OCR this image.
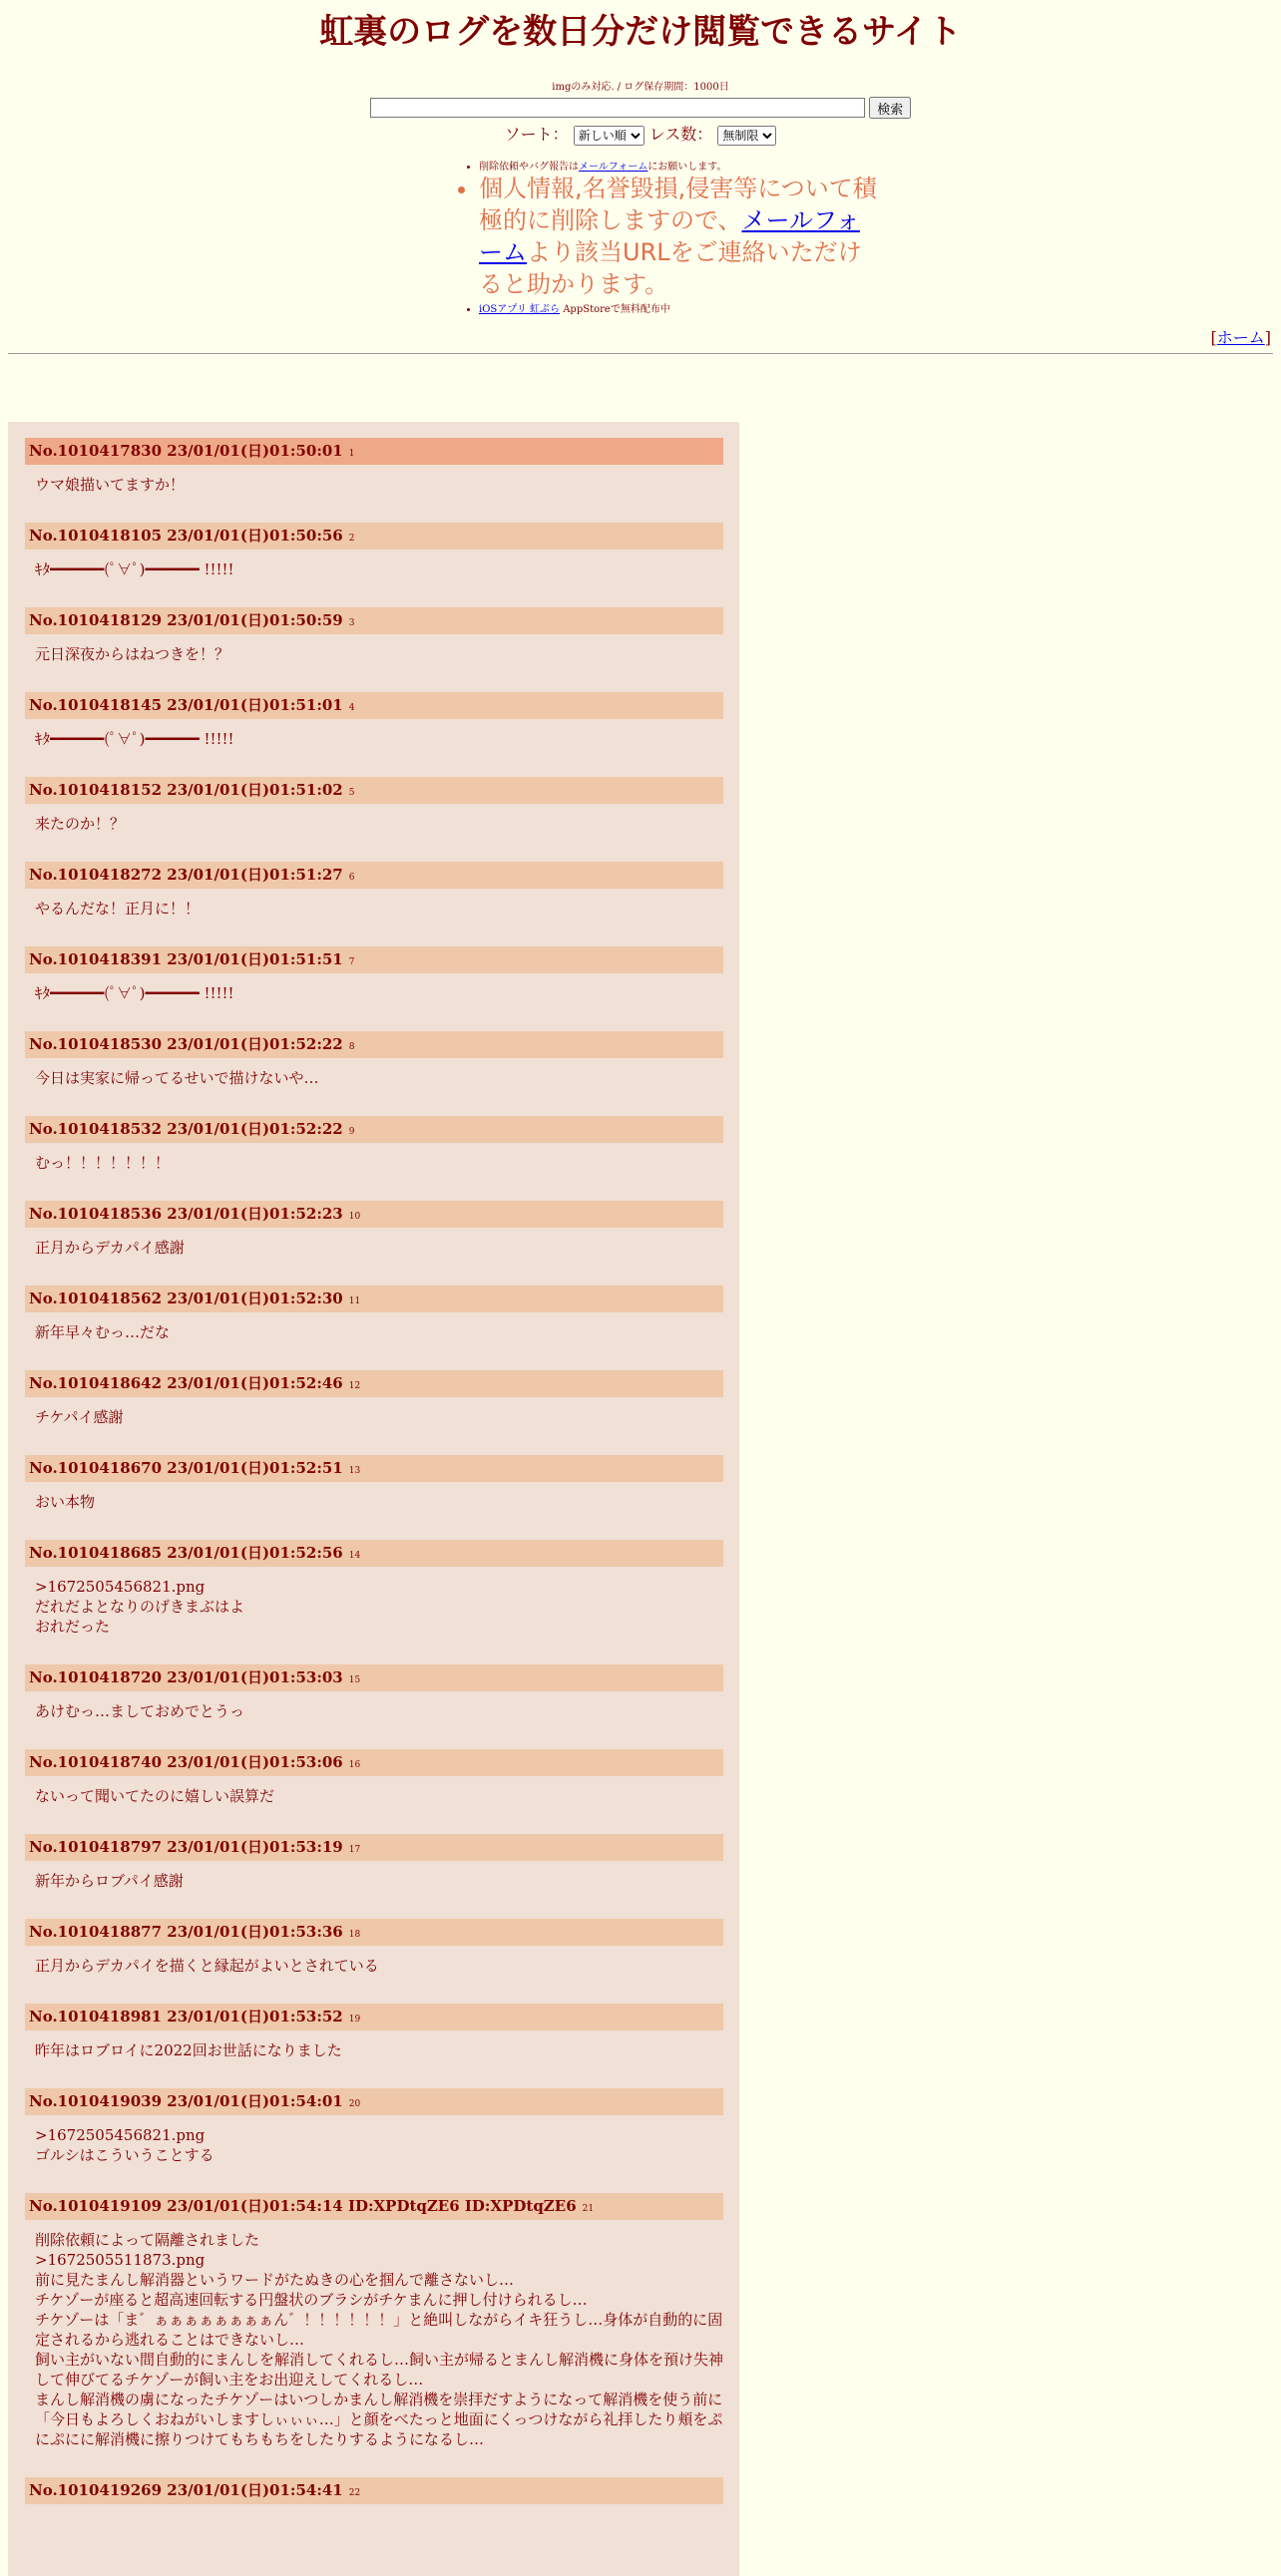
虹裏のログを数日分だけ閲覧できるサイト
imgのみ対応. / ログ保存期間：1000日
検索
ソート：
新しい順	レス数：
無制限
• 削除依頼やバグ報告はメールフォームにお願いします。
• 個人情報,名誉毀損,侵害等について積極的に削除しますので、メールフォームより該当URLをご連絡いただけると助かります。
• iOSアプリ 虹ぷら AppStoreで無料配布中
[ホーム]
No.1010417830 23/01/01(日)01:50:01 1
ウマ娘描いてますか！
No.1010418105 23/01/01(日)01:50:56 2
ｷﾀ━━━━━━(ﾟ∀ﾟ)━━━━━━ !!!!!
No.1010418129 23/01/01(日)01:50:59 3
元日深夜からはねつきを！？
No.1010418145 23/01/01(日)01:51:01 4
ｷﾀ━━━━━━(ﾟ∀ﾟ)━━━━━━ !!!!!
No.1010418152 23/01/01(日)01:51:02 5
来たのか！？
No.1010418272 23/01/01(日)01:51:27 6
やるんだな！正月に！！
No.1010418391 23/01/01(日)01:51:51 7
ｷﾀ━━━━━━(ﾟ∀ﾟ)━━━━━━ !!!!!
No.1010418530 23/01/01(日)01:52:22 8
今日は実家に帰ってるせいで描けないや…
No.1010418532 23/01/01(日)01:52:22 9
むっ！！！！！！！
No.1010418536 23/01/01(日)01:52:23 10
正月からデカパイ感謝
No.1010418562 23/01/01(日)01:52:30 11
新年早々むっ…だな
No.1010418642 23/01/01(日)01:52:46 12
チケパイ感謝
No.1010418670 23/01/01(日)01:52:51 13
おい本物
No.1010418685 23/01/01(日)01:52:56 14
>1672505456821.png
だれだよとなりのげきまぶはよ
おれだった
No.1010418720 23/01/01(日)01:53:03 15
あけむっ…ましておめでとうっ
No.1010418740 23/01/01(日)01:53:06 16
ないって聞いてたのに嬉しい誤算だ
No.1010418797 23/01/01(日)01:53:19 17
新年からロブパイ感謝
No.1010418877 23/01/01(日)01:53:36 18
正月からデカパイを描くと縁起がよいとされている
No.1010418981 23/01/01(日)01:53:52 19
昨年はロブロイに2022回お世話になりました
No.1010419039 23/01/01(日)01:54:01 20
>1672505456821.png
ゴルシはこういうことする
No.1010419109 23/01/01(日)01:54:14 ID:XPDtqZE6 ID:XPDtqZE6 21
削除依頼によって隔離されました
>1672505511873.png
前に見たまんし解消器というワードがたぬきの心を掴んで離さないし…
チケゾーが座ると超高速回転する円盤状のブラシがチケまんに押し付けられるし…
チケゾーは「ま゛ぁぁぁぁぁぁぁぁん゛！！！！！！」と絶叫しながらイキ狂うし…身体が自動的に固定されるから逃れることはできないし…
飼い主がいない間自動的にまんしを解消してくれるし…飼い主が帰るとまんし解消機に身体を預け失神して伸びてるチケゾーが飼い主をお出迎えしてくれるし…
まんし解消機の虜になったチケゾーはいつしかまんし解消機を崇拝だすようになって解消機を使う前に「今日もよろしくおねがいしますしぃぃぃ…」と顔をべたっと地面にくっつけながら礼拝したり頬をぷにぷにに解消機に擦りつけてもちもちをしたりするようになるし…
No.1010419269 23/01/01(日)01:54:41 22
